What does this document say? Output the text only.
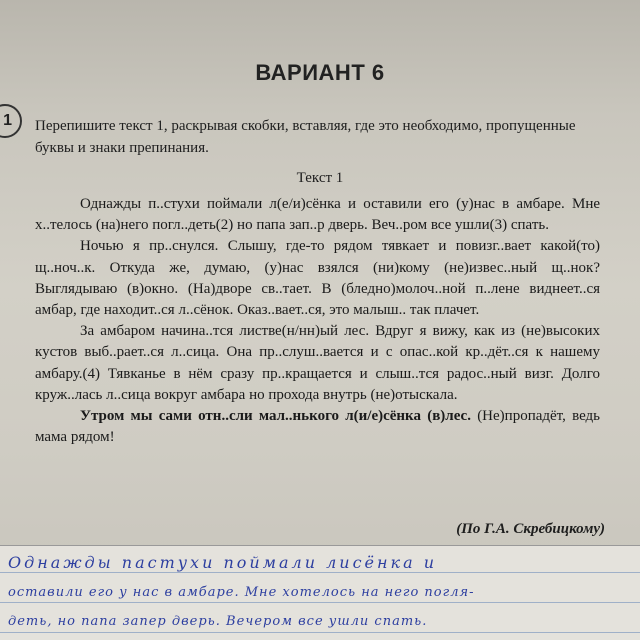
ВАРИАНТ 6
1	Перепишите текст 1, раскрывая скобки, вставляя, где это необходимо, пропущенные буквы и знаки препинания.
Текст 1

Однажды п..стухи поймали л(е/и)сёнка и оставили его (у)нас в амбаре. Мне х..телось (на)него погл..деть(2) но папа зап..р дверь. Веч..ром все ушли(3) спать.

Ночью я пр..снулся. Слышу, где-то рядом тявкает и повизг..вает какой(то) щ..ноч..к. Откуда же, думаю, (у)нас взялся (ни)кому (не)извес..ный щ..нок? Выглядываю (в)окно. (На)дворе св..тает. В (бледно)молоч..ной п..лене виднеет..ся амбар, где находит..ся л..сёнок. Оказ..вает..ся, это малыш.. так плачет.

За амбаром начина..тся листве(н/нн)ый лес. Вдруг я вижу, как из (не)высоких кустов выб..рает..ся л..сица. Она пр..слуш..вается и с опас..кой кр..дёт..ся к нашему амбару.(4) Тявканье в нём сразу пр..кращается и слыш..тся радос..ный визг. Долго круж..лась л..сица вокруг амбара но прохода внутрь (не)отыскала.

Утром мы сами отн..сли мал..нького л(и/е)сёнка (в)лес. (Не)пропадёт, ведь мама рядом!

(По Г.А. Скребицкому)
Однажды пастухи поймали лисёнка и
оставили его у нас в амбаре. Мне хотелось на него погля-
деть, но папа запер дверь. Вечером все ушли спать.
